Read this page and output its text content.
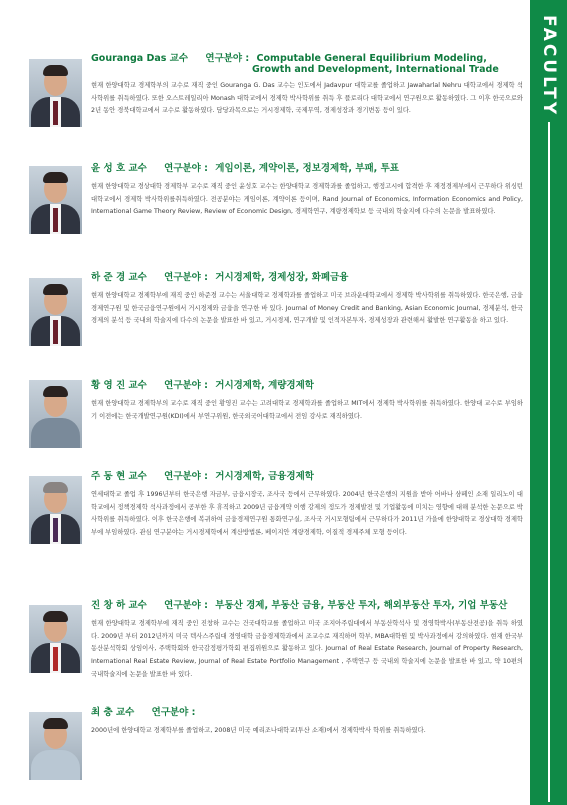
FACULTY
Gouranga Das 교수 연구분야 : Computable General Equilibrium Modeling,
Growth and Development, International Trade
현재 한양대학교 경제학부의 교수로 재직 중인 Gouranga G. Das 교수는 인도에서 Jadavpur 대학교를 졸업하고 Jawaharlal Nehru 대학교에서 경제학 석사학위를 취득하였다. 또한 오스트레일리아 Monash 대학교에서 경제학 박사학위를 취득 후 플로리다 대학교에서 연구원으로 활동하였다. 그 이후 한국으로와 2년 동안 경북대학교에서 교수로 활동하였다. 담당과목으로는 거시경제학, 국제무역, 경제성장과 경기변동 등이 있다.
윤 성 호 교수 연구분야 : 게임이론, 계약이론, 정보경제학, 부패, 투표
현재 한양대학교 경상대학 경제학부 교수로 재직 중인 윤성호 교수는 한양대학교 경제학과를 졸업하고, 행정고시에 합격한 후 재정경제부에서 근무하다 위싱턴대학교에서 경제학 박사학위를취득하였다. 전공분야는 게임이론, 계약이론 등이며, Rand Journal of Economics, Information Economics and Policy, International Game Theory Review, Review of Economic Design, 경제학연구, 계량경제학보 등 국내외 학술지에 다수의 논문을 발표하였다.
하 준 경 교수 연구분야 : 거시경제학, 경제성장, 화폐금융
현재 한양대학교 경제학부에 재직 중인 하준경 교수는 서울대학교 경제학과를 졸업하고 미국 브라운대학교에서 경제학 박사학위를 취득하였다. 한국은행, 금융경제연구원 및 한국금융연구원에서 거시경제와 금융을 연구한 바 있다. Journal of Money Credit and Banking, Asian Economic Journal, 경제분석, 한국경제의 분석 등 국내외 학술지에 다수의 논문을 발표한 바 있고, 거시경제, 연구개발 및 인적자본투자, 경제성장과 관련해서 활발한 연구활동을 하고 있다.
황 영 진 교수 연구분야 : 거시경제학, 계량경제학
현재 한양대학교 경제학부의 교수로 재직 중인 황영진 교수는 고려대학교 경제학과를 졸업하고 MIT에서 경제학 박사학위를 취득하였다. 한양대 교수로 부임하기 이전에는 한국개발연구원(KDI)에서 부연구위원, 한국외국어대학교에서 전임 강사로 재직하였다.
주 동 현 교수 연구분야 : 거시경제학, 금융경제학
연세대학교 졸업 후 1996년부터 한국은행 자금부, 금융시장국, 조사국 등에서 근무하였다. 2004년 한국은행의 지원을 받아 어바나 샴페인 소재 일리노이 대학교에서 정책경제학 석사과정에서 공부한 후 휴직하고 2009년 금융게약 이행 강제의 정도가 경제발전 및 기업활동에 미치는 영향에 대해 분석한 논문으로 박사학위를 취득하였다. 이후 한국은행에 복귀하여 금융경제연구원 통화연구실, 조사국 거시모형팀에서 근무하다가 2011년 가을에 한양대학교 경상대학 경제학부에 부임하였다. 관심 연구분야는 거시경제학에서 계산방법론, 베이지안 계량경제학, 이질적 경제주체 모형 등이다.
진 창 하 교수 연구분야 : 부동산 경제, 부동산 금융, 부동산 투자, 해외부동산 투자, 기업 부동산
현재 한양대학교 경제학부에 재직 중인 진창하 교수는 건국대학교를 졸업하고 미국 조지아주립대에서 부동산학석사 및 경영학박사(부동산전공)을 취득 하였다. 2009년 부터 2012년까지 미국 텍사스주립대 경영대학 금융경제학과에서 조교수로 재직하며 학부, MBA대학원 및 박사과정에서 강의하였다. 현재 한국부동산분석학회 상임이사, 주택학회와 한국감정평가학회 편집위원으로 활동하고 있다. Journal of Real Estate Research, Journal of Property Research, International Real Estate Review, Journal of Real Estate Portfolio Management , 주택연구 등 국내외 학술지에 논문을 발표한 바 있고, 약 10편의 국내학술지에 논문을 발표한 바 있다.
최 충 교수 연구분야 :
2000년에 한양대학교 경제학부를 졸업하고, 2008년 미국 예리조나대학교(투산 소재)에서 경제학박사 학위를 취득하였다.
